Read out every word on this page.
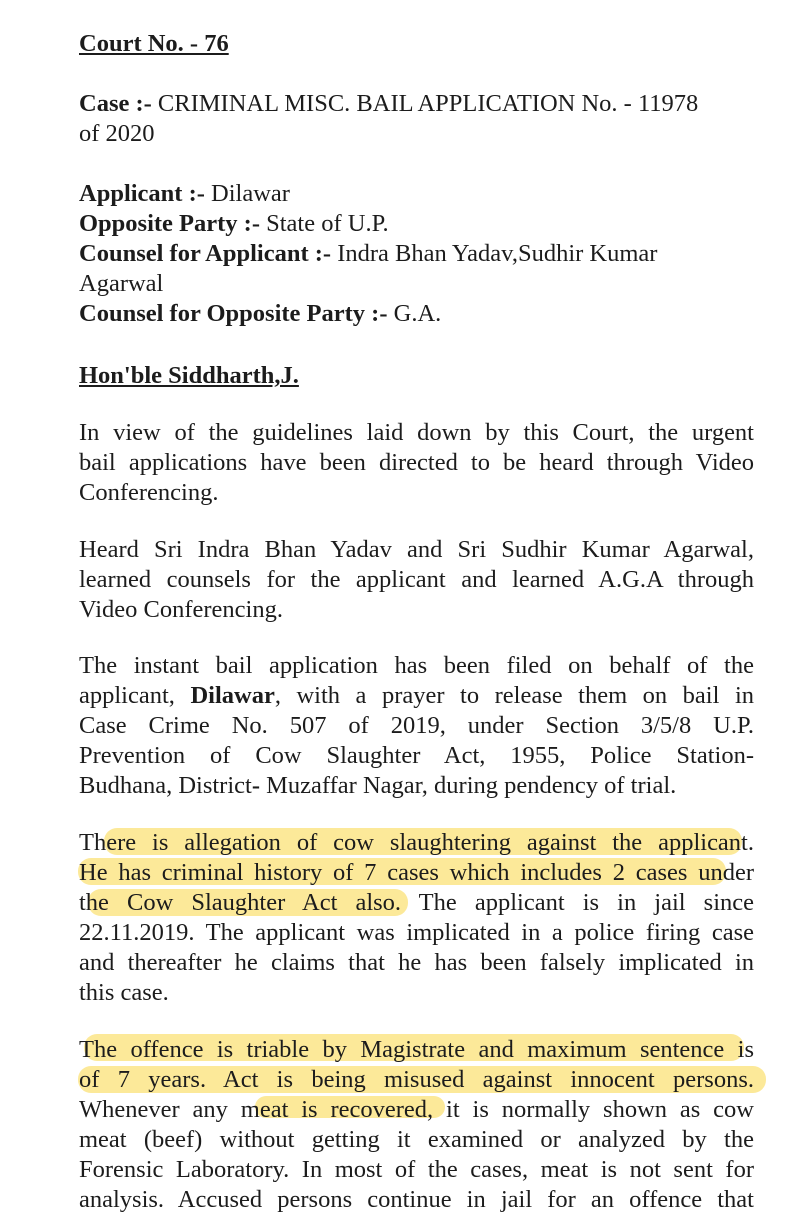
Court No. - 76
Case :- CRIMINAL MISC. BAIL APPLICATION No. - 11978
of 2020
Applicant :- Dilawar
Opposite Party :- State of U.P.
Counsel for Applicant :- Indra Bhan Yadav,Sudhir Kumar
Agarwal
Counsel for Opposite Party :- G.A.
Hon'ble Siddharth,J.
In view of the guidelines laid down by this Court, the urgent
bail applications have been directed to be heard through Video
Conferencing.
Heard Sri Indra Bhan Yadav and Sri Sudhir Kumar Agarwal,
learned counsels for the applicant and learned A.G.A through
Video Conferencing.
The instant bail application has been filed on behalf of the
applicant, Dilawar, with a prayer to release them on bail in
Case Crime No. 507 of 2019, under Section 3/5/8 U.P.
Prevention of Cow Slaughter Act, 1955, Police Station-
Budhana, District- Muzaffar Nagar, during pendency of trial.
There is allegation of cow slaughtering against the applicant.
He has criminal history of 7 cases which includes 2 cases under
the Cow Slaughter Act also. The applicant is in jail since
22.11.2019. The applicant was implicated in a police firing case
and thereafter he claims that he has been falsely implicated in
this case.
The offence is triable by Magistrate and maximum sentence is
of 7 years. Act is being misused against innocent persons.
Whenever any meat is recovered, it is normally shown as cow
meat (beef) without getting it examined or analyzed by the
Forensic Laboratory. In most of the cases, meat is not sent for
analysis. Accused persons continue in jail for an offence that
